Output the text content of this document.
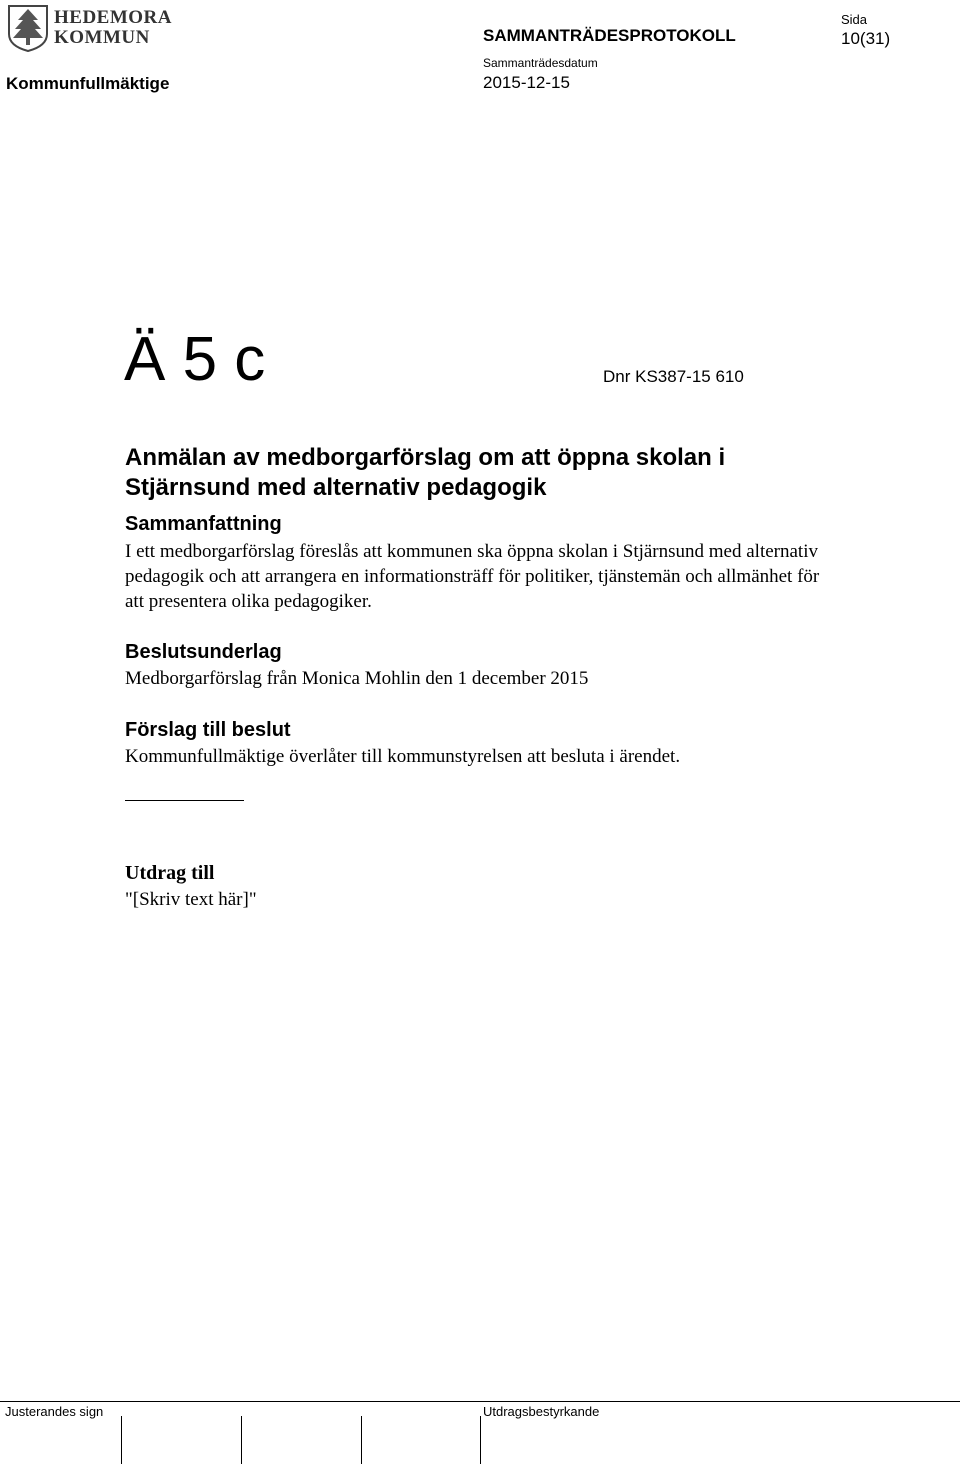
HEDEMORA
KOMMUN	SAMMANTRÄDESPROTOKOLL
Sida
10(31)
Kommunfullmäktige
Sammanträdesdatum
2015-12-15
Ä 5 c	Dnr KS387-15 610
Anmälan av medborgarförslag om att öppna skolan i Stjärnsund med alternativ pedagogik
Sammanfattning
I ett medborgarförslag föreslås att kommunen ska öppna skolan i Stjärnsund med alternativ pedagogik och att arrangera en informationsträff för politiker, tjänstemän och allmänhet för att presentera olika pedagogiker.
Beslutsunderlag
Medborgarförslag från Monica Mohlin den 1 december 2015
Förslag till beslut
Kommunfullmäktige överlåter till kommunstyrelsen att besluta i ärendet.
Utdrag till
"[Skriv text här]"
Justerandes sign	Utdragsbestyrkande
